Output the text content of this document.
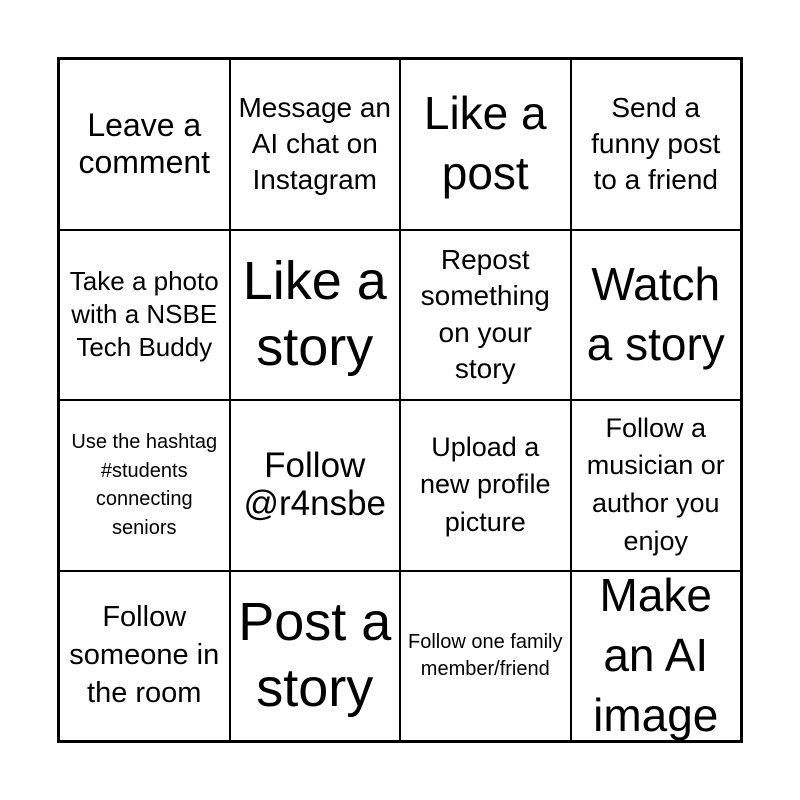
Leave a comment
Message an AI chat on Instagram
Like a post
Send a funny post to a friend
Take a photo with a NSBE Tech Buddy
Like a story
Repost something on your story
Watch a story
Use the hashtag #students connecting seniors
Follow @r4nsbe
Upload a new profile picture
Follow a musician or author you enjoy
Follow someone in the room
Post a story
Follow one family member/friend
Make an AI image
